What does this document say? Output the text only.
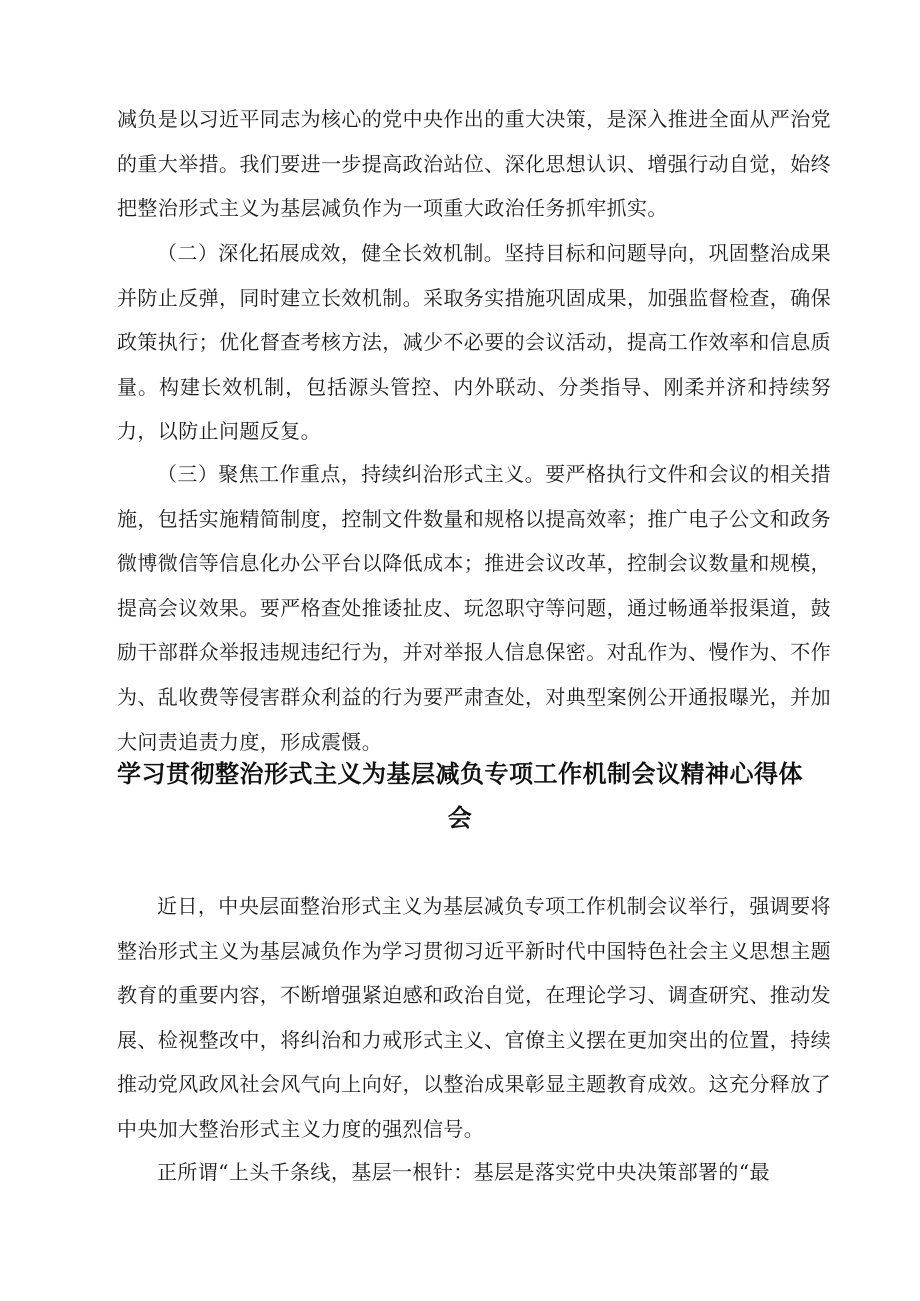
减负是以习近平同志为核心的党中央作出的重大决策，是深入推进全面从严治党的重大举措。我们要进一步提高政治站位、深化思想认识、增强行动自觉，始终把整治形式主义为基层减负作为一项重大政治任务抓牢抓实。

（二）深化拓展成效，健全长效机制。坚持目标和问题导向，巩固整治成果并防止反弹，同时建立长效机制。采取务实措施巩固成果，加强监督检查，确保政策执行；优化督查考核方法，减少不必要的会议活动，提高工作效率和信息质量。构建长效机制，包括源头管控、内外联动、分类指导、刚柔并济和持续努力，以防止问题反复。

（三）聚焦工作重点，持续纠治形式主义。要严格执行文件和会议的相关措施，包括实施精简制度，控制文件数量和规格以提高效率；推广电子公文和政务微博微信等信息化办公平台以降低成本；推进会议改革，控制会议数量和规模，提高会议效果。要严格查处推诿扯皮、玩忽职守等问题，通过畅通举报渠道，鼓励干部群众举报违规违纪行为，并对举报人信息保密。对乱作为、慢作为、不作为、乱收费等侵害群众利益的行为要严肃查处，对典型案例公开通报曝光，并加大问责追责力度，形成震慑。

学习贯彻整治形式主义为基层减负专项工作机制会议精神心得体会

近日，中央层面整治形式主义为基层减负专项工作机制会议举行，强调要将整治形式主义为基层减负作为学习贯彻习近平新时代中国特色社会主义思想主题教育的重要内容，不断增强紧迫感和政治自觉，在理论学习、调查研究、推动发展、检视整改中，将纠治和力戒形式主义、官僚主义摆在更加突出的位置，持续推动党风政风社会风气向上向好，以整治成果彰显主题教育成效。这充分释放了中央加大整治形式主义力度的强烈信号。

正所谓“上头千条线，基层一根针：基层是落实党中央决策部署的“最
